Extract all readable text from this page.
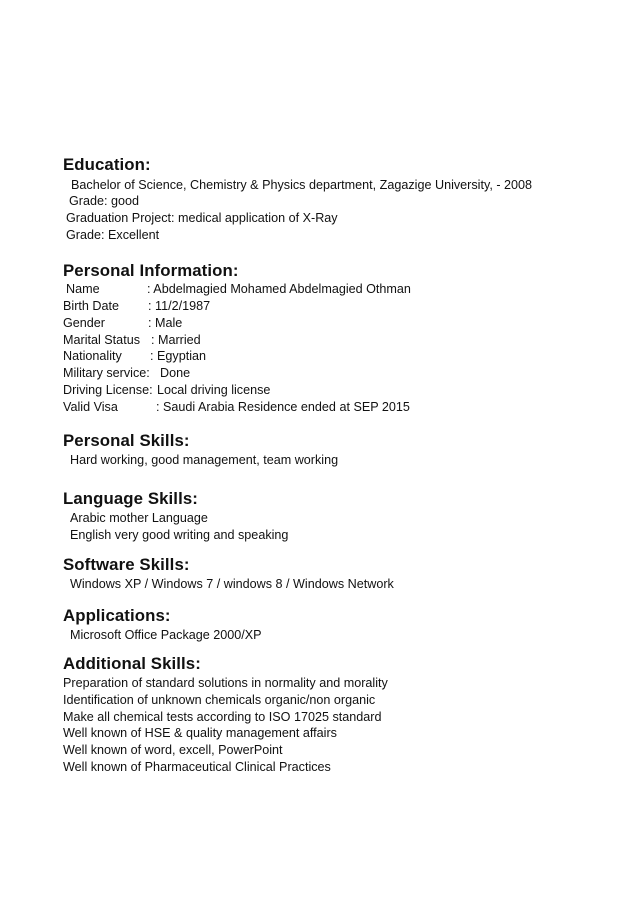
Education:
Bachelor of Science, Chemistry & Physics department, Zagazige University, - 2008
Grade: good
Graduation Project: medical application of X-Ray
Grade: Excellent
Personal Information:
Name	: Abdelmagied Mohamed Abdelmagied Othman
Birth Date : 11/2/1987
Gender	: Male
Marital Status : Married
Nationality : Egyptian
Military service: Done
Driving License: Local driving license
Valid Visa	: Saudi Arabia Residence ended at SEP 2015
Personal Skills:
Hard working, good management, team working
Language Skills:
Arabic mother Language
English very good writing and speaking
Software Skills:
Windows XP / Windows 7 / windows 8 / Windows Network
Applications:
Microsoft Office Package 2000/XP
Additional Skills:
Preparation of standard solutions in normality and morality
Identification of unknown chemicals organic/non organic
Make all chemical tests according to ISO 17025 standard
Well known of HSE & quality management affairs
Well known of word, excell, PowerPoint
Well known of Pharmaceutical Clinical Practices
